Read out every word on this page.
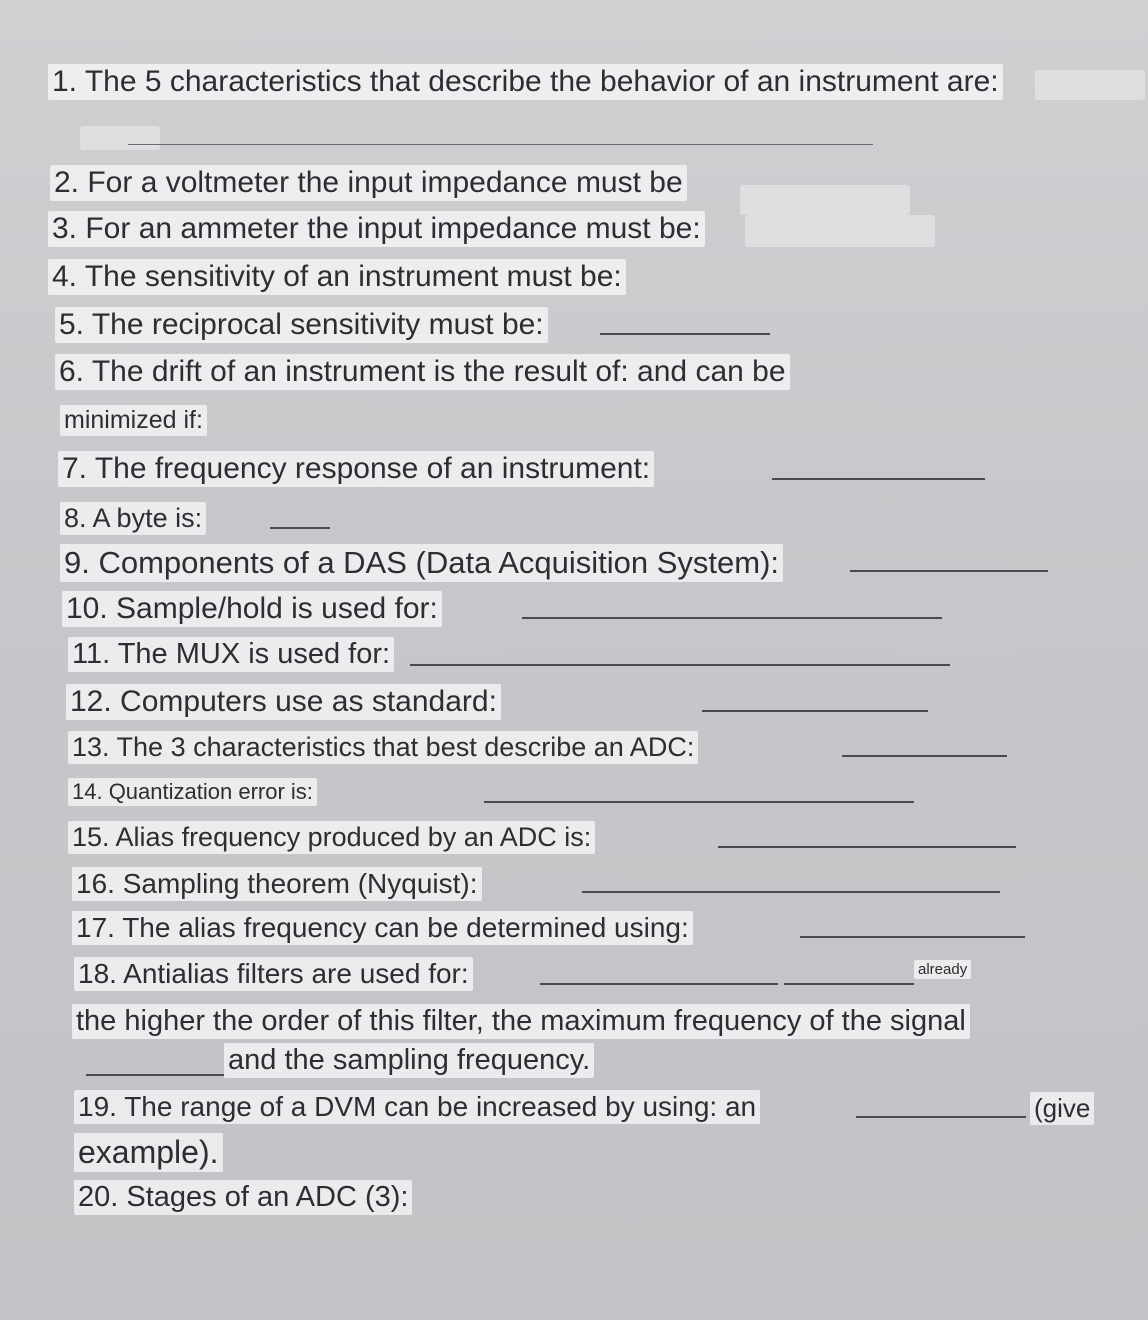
1. The 5 characteristics that describe the behavior of an instrument are:
2. For a voltmeter the input impedance must be
3. For an ammeter the input impedance must be:
4. The sensitivity of an instrument must be:
5. The reciprocal sensitivity must be:
6. The drift of an instrument is the result of: and can be
minimized if:
7. The frequency response of an instrument:
8. A byte is:
9. Components of a DAS (Data Acquisition System):
10. Sample/hold is used for:
11. The MUX is used for:
12. Computers use as standard:
13. The 3 characteristics that best describe an ADC:
14. Quantization error is:
15. Alias frequency produced by an ADC is:
16. Sampling theorem (Nyquist):
17. The alias frequency can be determined using:
18. Antialias filters are used for:	already
the higher the order of this filter, the maximum frequency of the signal
and the sampling frequency.
19. The range of a DVM can be increased by using: an	(give
example).
20. Stages of an ADC (3):
